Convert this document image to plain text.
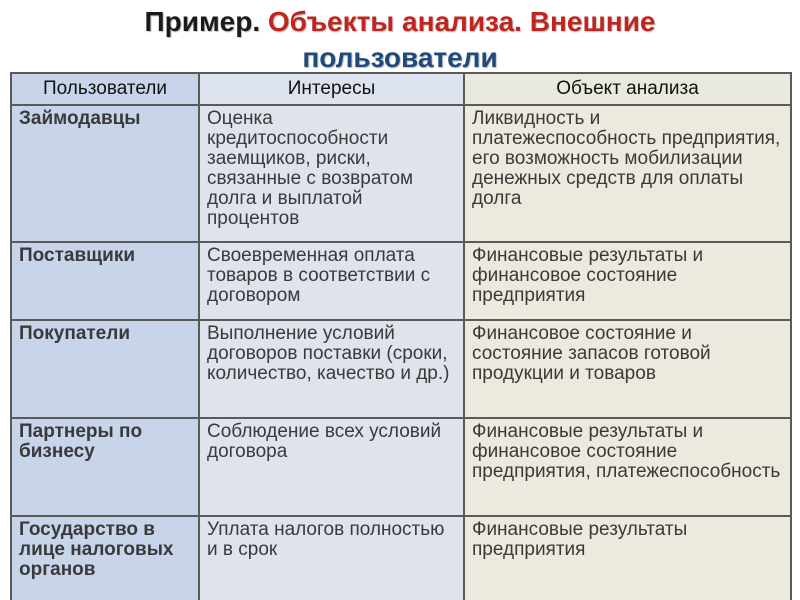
Пример. Объекты анализа. Внешние
пользователи
Пользователи	Интересы	Объект анализа
Займодавцы	Оценка кредитоспособности заемщиков, риски, связанные с возвратом долга и выплатой процентов	Ликвидность и платежеспособность предприятия, его возможность мобилизации денежных средств для оплаты долга
Поставщики	Своевременная оплата товаров в соответствии с договором	Финансовые результаты и финансовое состояние предприятия
Покупатели	Выполнение условий договоров поставки (сроки, количество, качество и др.)	Финансовое состояние и состояние запасов готовой продукции и товаров
Партнеры по бизнесу	Соблюдение всех условий договора	Финансовые результаты и финансовое состояние предприятия, платежеспособность
Государство в лице налоговых органов	Уплата налогов полностью и в срок	Финансовые результаты предприятия
